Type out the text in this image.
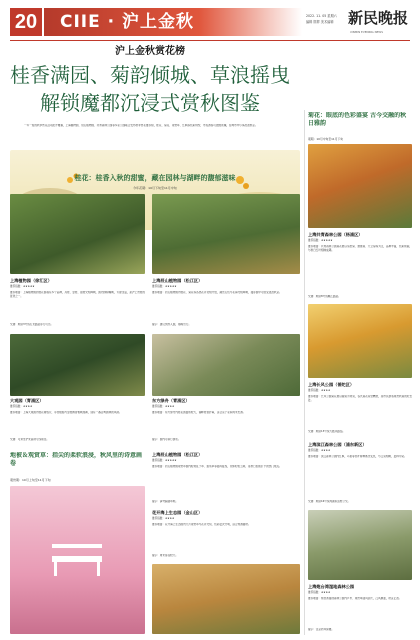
20 CIIE · 沪上金秋	2022. 11. 05 星期六
编辑 胖胖 美术编辑 新民晚报
XINMIN EVENING NEWS
沪上金秋赏花榜
桂香满园、菊韵倾城、草浪摇曳
解锁魔都沉浸式赏秋图鉴
一年一度的秋季赏花活动拉开帷幕，上海植物园、辰山植物园、共青森林公园等多家公园联合发布秋季赏花推荐榜，桂花、菊花、观赏草、红枫等色彩缤纷，市民游客可按图索骥，在城市中尽享浓浓秋意。
桂花：桂香入秋的甜蜜，藏在园林与湖畔的馥郁滋味
今年花期：10月下旬至11月中旬
上海植物园（徐汇区）
推荐指数：★★★★★
推荐理由：上海植物园的桂花园栽有多个品种，丹桂、金桂、银桂交相辉映，园内绿树掩映，芳香四溢，是沪上赏桂的首选之一。
交通：地铁3号线石龙路站步行可达。
上海辰山植物园（松江区）
推荐指数：★★★★★
推荐理由：辰山植物园内桂花、菊花等各类花卉竞相开放，湖光山色与花海交相辉映，漫步园中可感受浓浓秋意。
提示：建议预约入园，错峰出行。
大观园（青浦区）
推荐指数：★★★★
推荐理由：上海大观园内桂花树成片，亭台楼阁与金桂飘香相映成趣，别有一番古典园林的风韵。
交通：可乘坐沪朱高速专线前往。
东方绿舟（青浦区）
推荐指数：★★★★
推荐理由：东方绿舟内桂花园面积较大，湖畔桂香扑鼻，适合亲子家庭周末出游。
提示：园内可骑行游览。
地被＆观赏草：指尖的柔软浪浸，秋风里的诗意画卷
观赏期：10月上旬至11月下旬
上海辰山植物园（松江区）
推荐指数：★★★★★
推荐理由：辰山植物园观赏草园内粉黛乱子草、狼尾草等随风摇曳，宛如粉色云雾，是秋日拍照打卡的热门地点。
提示：请勿踩踏草地。
花开海上生态园（金山区）
推荐指数：★★★★
推荐理由：花开海上生态园内大片观赏草与花卉交织，色彩层次分明，适合郊游踏秋。
提示：周末客流较大。
菊花：眼底的色彩盛宴 古今交融的秋日雅韵
观期：10月中旬至11月下旬
上海共青森林公园（杨浦区）
推荐指数：★★★★★
推荐理由：共青森林公园菊花展以造型菊、悬崖菊、大立菊等为主，品种丰富，色彩艳丽，与秋日红叶相映成趣。
交通：地铁8号线嫩江路站。
上海长风公园（普陀区）
推荐指数：★★★★
推荐理由：长风公园菊花展以湖景为背景，各式菊花造型精致，是市民游客观赏秋菊的好去处。
交通：地铁13号线大渡河路站。
上海滨江森林公园（浦东新区）
推荐指数：★★★★
推荐理由：滨江森林公园内红枫、乌桕等色叶树种渐次变色，与江景相映，层林尽染。
交通：地铁16号线周浦东站转公交。
上海炮台湾湿地森林公园
推荐指数：★★★★
推荐理由：炮台湾湿地森林公园内芦苇、观赏草随风起伏，江风拂面，秋意正浓。
提示：注意防风保暖。
